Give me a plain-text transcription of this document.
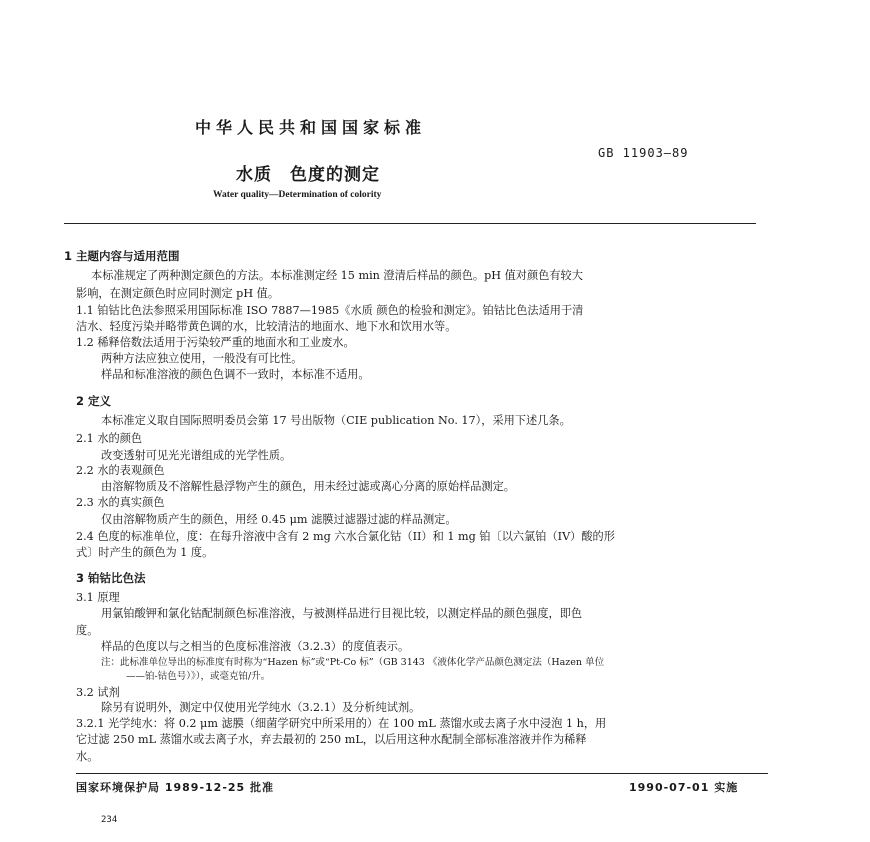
中华人民共和国国家标准
GB 11903—89
水质 色度的测定
Water quality—Determination of colority
1 主题内容与适用范围
本标准规定了两种测定颜色的方法。本标准测定经 15 min 澄清后样品的颜色。pH 值对颜色有较大
影响，在测定颜色时应同时测定 pH 值。
1.1 铂钴比色法参照采用国际标准 ISO 7887—1985《水质 颜色的检验和测定》。铂钴比色法适用于清
洁水、轻度污染并略带黄色调的水，比较清洁的地面水、地下水和饮用水等。
1.2 稀释倍数法适用于污染较严重的地面水和工业废水。
两种方法应独立使用，一般没有可比性。
样品和标准溶液的颜色色调不一致时，本标准不适用。
2 定义
本标准定义取自国际照明委员会第 17 号出版物（CIE publication No. 17），采用下述几条。
2.1 水的颜色
改变透射可见光光谱组成的光学性质。
2.2 水的表观颜色
由溶解物质及不溶解性悬浮物产生的颜色，用未经过滤或离心分离的原始样品测定。
2.3 水的真实颜色
仅由溶解物质产生的颜色，用经 0.45 μm 滤膜过滤器过滤的样品测定。
2.4 色度的标准单位，度：在每升溶液中含有 2 mg 六水合氯化钴（II）和 1 mg 铂〔以六氯铂（IV）酸的形
式〕时产生的颜色为 1 度。
3 铂钴比色法
3.1 原理
用氯铂酸钾和氯化钴配制颜色标准溶液，与被测样品进行目视比较，以测定样品的颜色强度，即色
度。
样品的色度以与之相当的色度标准溶液（3.2.3）的度值表示。
注：此标准单位导出的标准度有时称为“Hazen 标”或“Pt-Co 标”（GB 3143 《液体化学产品颜色测定法（Hazen 单位
——铂-钴色号）》），或毫克铂/升。
3.2 试剂
除另有说明外，测定中仅使用光学纯水（3.2.1）及分析纯试剂。
3.2.1 光学纯水：将 0.2 μm 滤膜（细菌学研究中所采用的）在 100 mL 蒸馏水或去离子水中浸泡 1 h，用
它过滤 250 mL 蒸馏水或去离子水，弃去最初的 250 mL，以后用这种水配制全部标准溶液并作为稀释
水。
国家环境保护局 1989-12-25 批准	1990-07-01 实施
234
